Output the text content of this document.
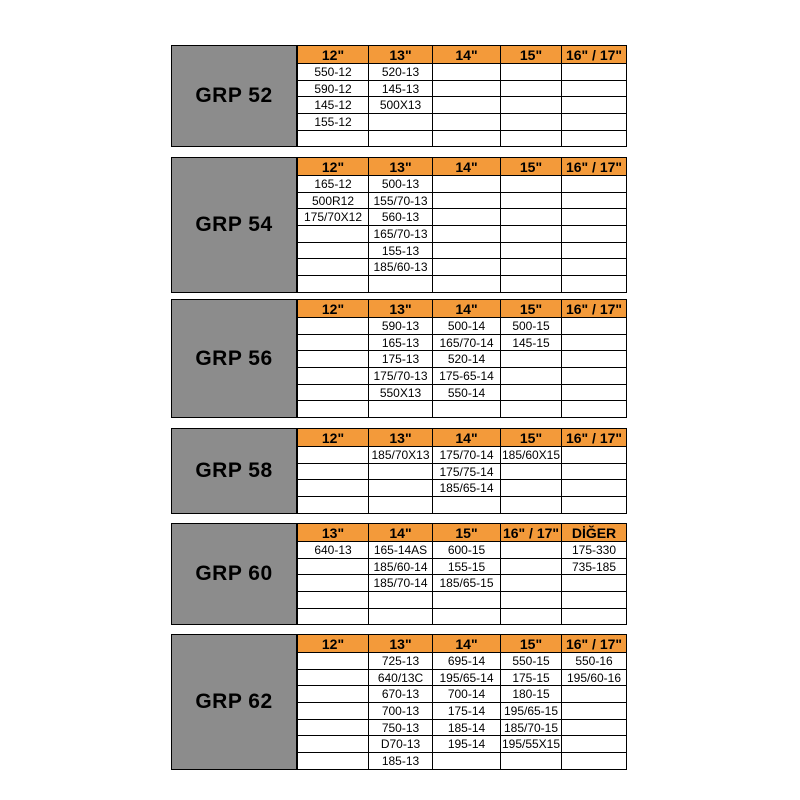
12"	13"	14"	15"	16" / 17"
550-12	520-13			
590-12	145-13			
145-12	500X13			
155-12				

GRP 52
12"	13"	14"	15"	16" / 17"
165-12	500-13			
500R12	155/70-13			
175/70X12	560-13			
	165/70-13			
	155-13			
	185/60-13			

GRP 54
12"	13"	14"	15"	16" / 17"
	590-13	500-14	500-15	
	165-13	165/70-14	145-15	
	175-13	520-14		
	175/70-13	175-65-14		
	550X13	550-14		

GRP 56
12"	13"	14"	15"	16" / 17"
	185/70X13	175/70-14	185/60X15	
		175/75-14		
		185/65-14		

GRP 58
13"	14"	15"	16" / 17"	DİĞER
640-13	165-14AS	600-15		175-330
	185/60-14	155-15		735-185
	185/70-14	185/65-15		

GRP 60
12"	13"	14"	15"	16" / 17"
	725-13	695-14	550-15	550-16
	640/13C	195/65-14	175-15	195/60-16
	670-13	700-14	180-15	
	700-13	175-14	195/65-15	
	750-13	185-14	185/70-15	
	D70-13	195-14	195/55X15	
	185-13			
GRP 62
